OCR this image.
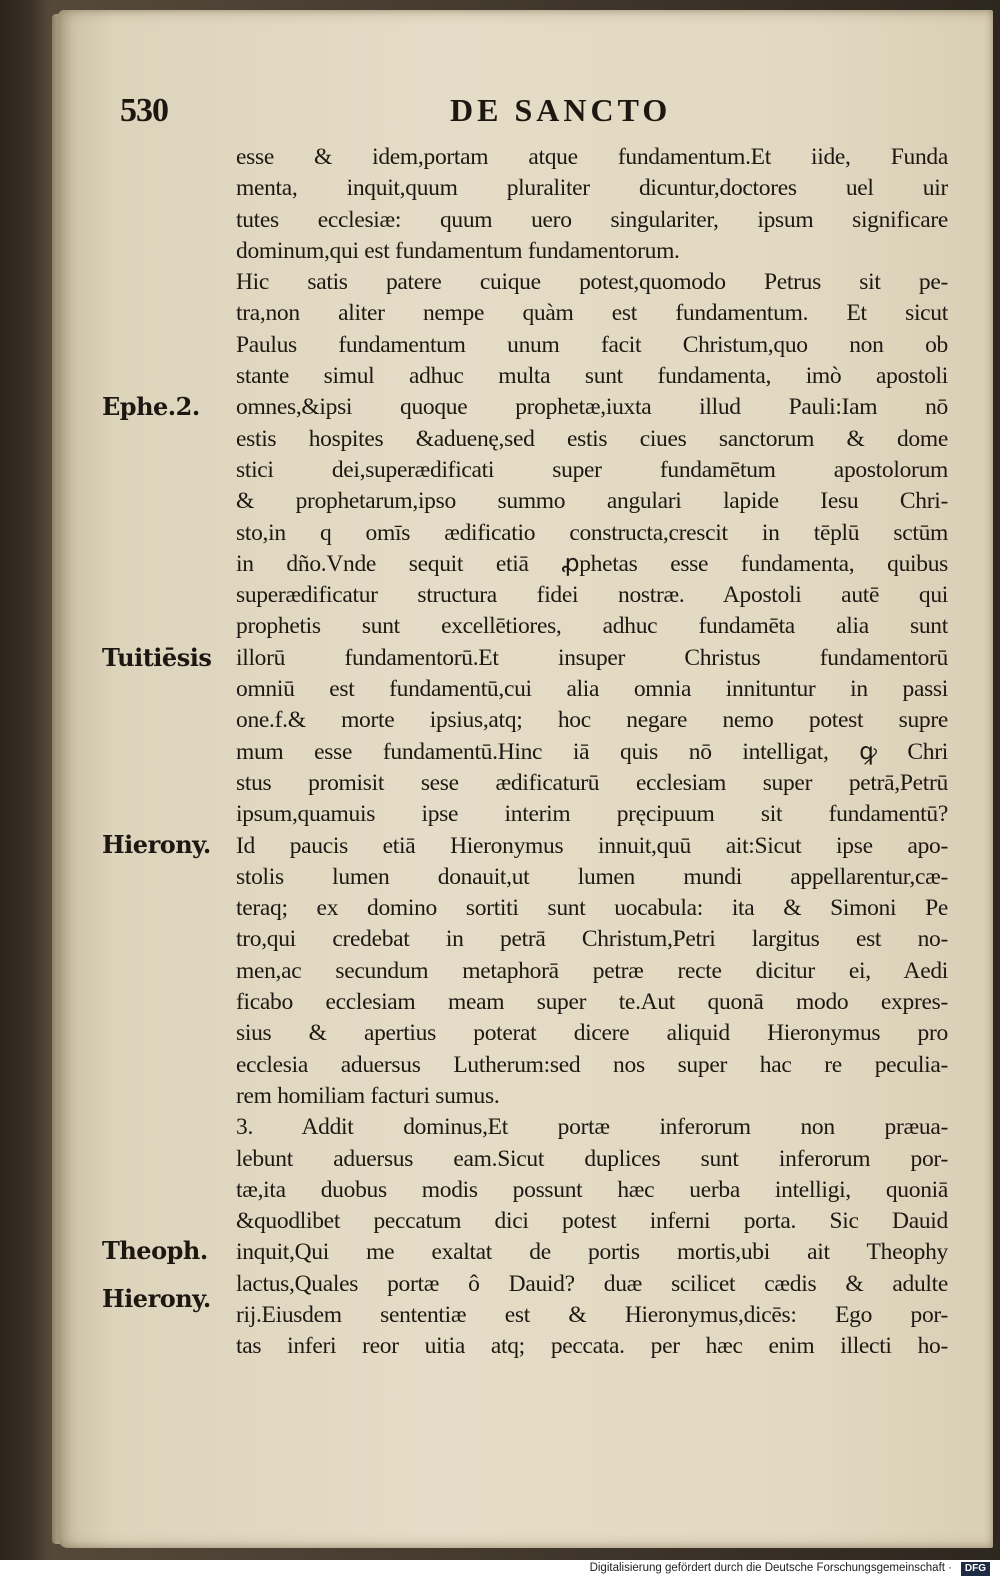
530	DE SANCTO
esse & idem,portam atque fundamentum.Et iide, Funda
menta, inquit,quum pluraliter dicuntur,doctores uel uir
tutes ecclesiæ: quum uero singulariter, ipsum significare
dominum,qui est fundamentum fundamentorum.
Hic satis patere cuique potest,quomodo Petrus sit pe-
tra,non aliter nempe quàm est fundamentum. Et sicut
Paulus fundamentum unum facit Christum,quo non ob
stante simul adhuc multa sunt fundamenta, imò apostoli
omnes,&ipsi quoque prophetæ,iuxta illud Pauli:Iam nō
estis hospites &aduenę,sed estis ciues sanctorum & dome
stici dei,superædificati super fundamētum apostolorum
& prophetarum,ipso summo angulari lapide Iesu Chri-
sto,in q omīs ædificatio constructa,crescit in tēplū sctūm
in dño.Vnde sequit etiā ꝓphetas esse fundamenta, quibus
superædificatur structura fidei nostræ. Apostoli autē qui
prophetis sunt excellētiores, adhuc fundamēta alia sunt
illorū fundamentorū.Et insuper Christus fundamentorū
omniū est fundamentū,cui alia omnia innituntur in passi
one.f.& morte ipsius,atq; hoc negare nemo potest supre
mum esse fundamentū.Hinc iā quis nō intelligat, ꝙ Chri
stus promisit sese ædificaturū ecclesiam super petrā,Petrū
ipsum,quamuis ipse interim pręcipuum sit fundamentū?
Id paucis etiā Hieronymus innuit,quū ait:Sicut ipse apo-
stolis lumen donauit,ut lumen mundi appellarentur,cæ-
teraq; ex domino sortiti sunt uocabula: ita & Simoni Pe
tro,qui credebat in petrā Christum,Petri largitus est no-
men,ac secundum metaphorā petræ recte dicitur ei, Aedi
ficabo ecclesiam meam super te.Aut quonā modo expres-
sius & apertius poterat dicere aliquid Hieronymus pro
ecclesia aduersus Lutherum:sed nos super hac re peculia-
rem homiliam facturi sumus.
3. Addit dominus,Et portæ inferorum non præua-
lebunt aduersus eam.Sicut duplices sunt inferorum por-
tæ,ita duobus modis possunt hæc uerba intelligi, quoniā
&quodlibet peccatum dici potest inferni porta. Sic Dauid
inquit,Qui me exaltat de portis mortis,ubi ait Theophy
lactus,Quales portæ ô Dauid? duæ scilicet cædis & adulte
rij.Eiusdem sententiæ est & Hieronymus,dicēs: Ego por-
tas inferi reor uitia atq; peccata. per hæc enim illecti ho-
Ephe.2.
Tuitiēsis
Hierony.
Theoph.
Hierony.
Digitalisierung gefördert durch die Deutsche Forschungsgemeinschaft ·	DFG
